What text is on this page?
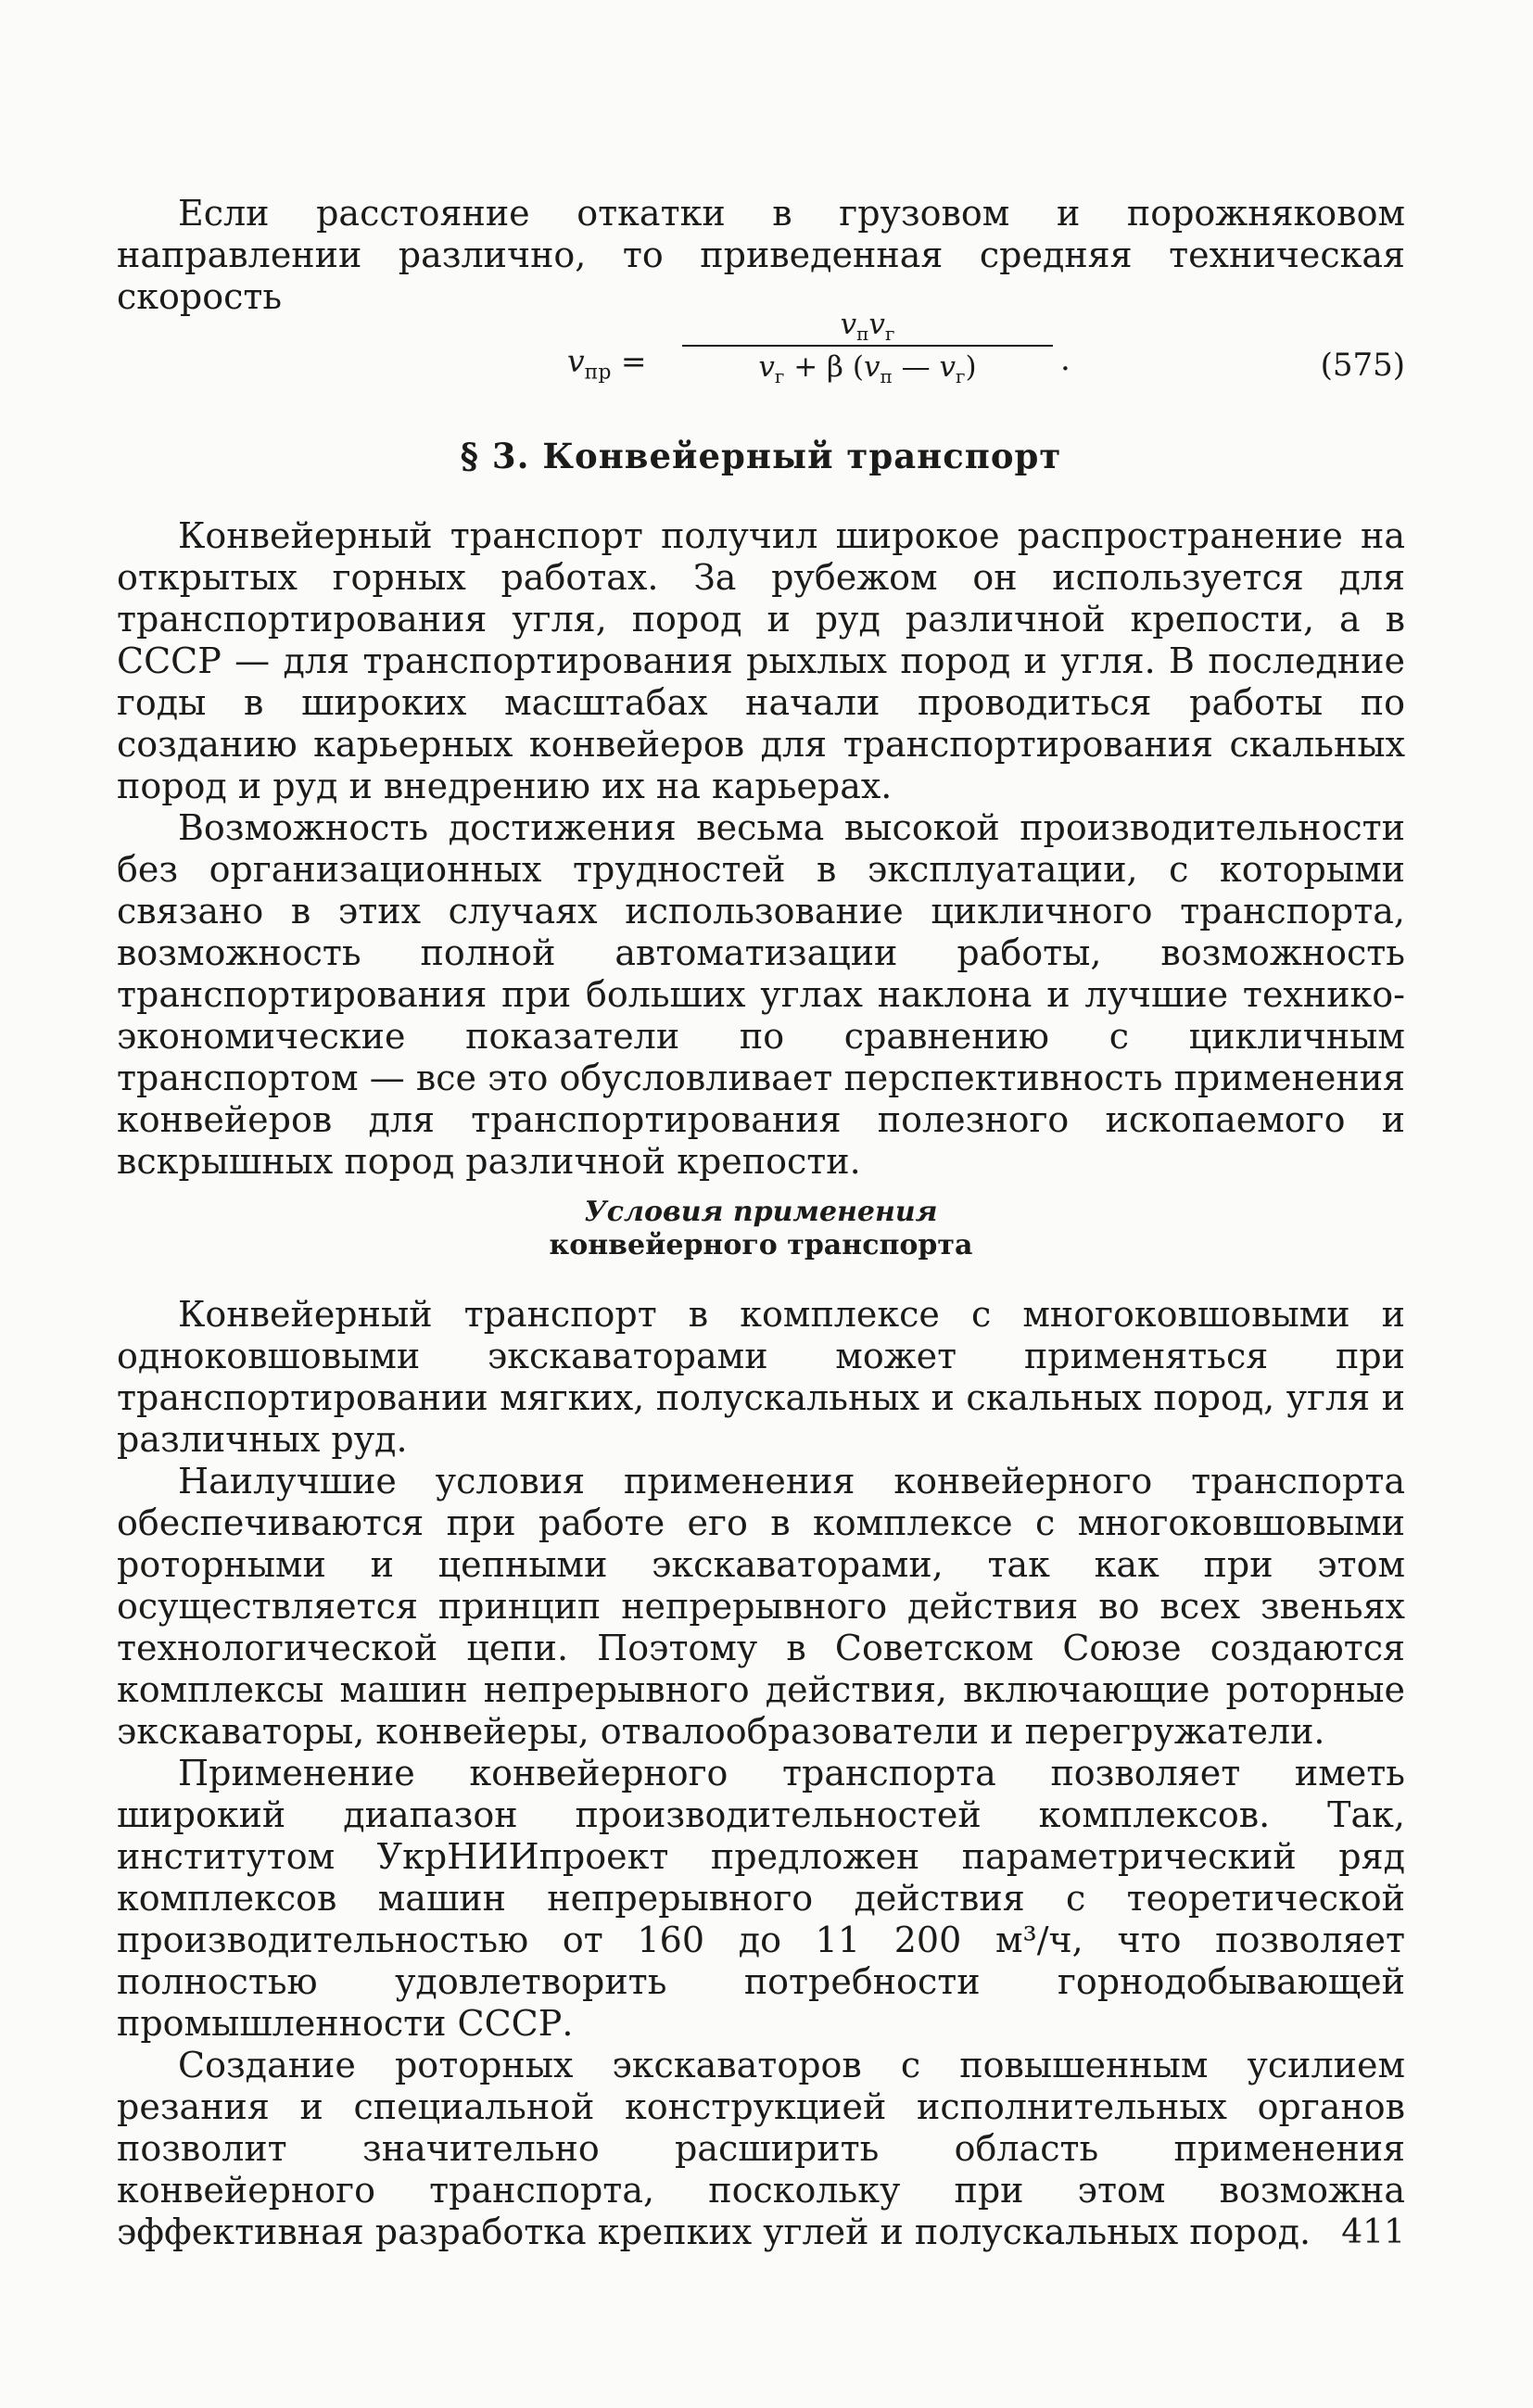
Если расстояние откатки в грузовом и порожняковом направлении различно, то приведенная средняя техническая скорость

$v_{пр}$ =
$v_пv_г$
$v_г + \beta$ ($v_п$ — $v_г$)	.	(575)
§ 3. Конвейерный транспорт

Конвейерный транспорт получил широкое распространение на открытых горных работах. За рубежом он используется для транспортирования угля, пород и руд различной крепости, а в СССР — для транспортирования рыхлых пород и угля. В последние годы в широких масштабах начали проводиться работы по созданию карьерных конвейеров для транспортирования скальных пород и руд и внедрению их на карьерах.

Возможность достижения весьма высокой производительности без организационных трудностей в эксплуатации, с которыми связано в этих случаях использование цикличного транспорта, возможность полной автоматизации работы, возможность транспортирования при больших углах наклона и лучшие технико-экономические показатели по сравнению с цикличным транспортом — все это обусловливает перспективность применения конвейеров для транспортирования полезного ископаемого и вскрышных пород различной крепости.

Условия применения
конвейерного транспорта

Конвейерный транспорт в комплексе с многоковшовыми и одноковшовыми экскаваторами может применяться при транспортировании мягких, полускальных и скальных пород, угля и различных руд.

Наилучшие условия применения конвейерного транспорта обеспечиваются при работе его в комплексе с многоковшовыми роторными и цепными экскаваторами, так как при этом осуществляется принцип непрерывного действия во всех звеньях технологической цепи. Поэтому в Советском Союзе создаются комплексы машин непрерывного действия, включающие роторные экскаваторы, конвейеры, отвалообразователи и перегружатели.

Применение конвейерного транспорта позволяет иметь широкий диапазон производительностей комплексов. Так, институтом УкрНИИпроект предложен параметрический ряд комплексов машин непрерывного действия с теоретической производительностью от 160 до 11 200 м³/ч, что позволяет полностью удовлетворить потребности горнодобывающей промышленности СССР.

Создание роторных экскаваторов с повышенным усилием резания и специальной конструкцией исполнительных органов позволит значительно расширить область применения конвейерного транспорта, поскольку при этом возможна эффективная разработка крепких углей и полускальных пород. 411
